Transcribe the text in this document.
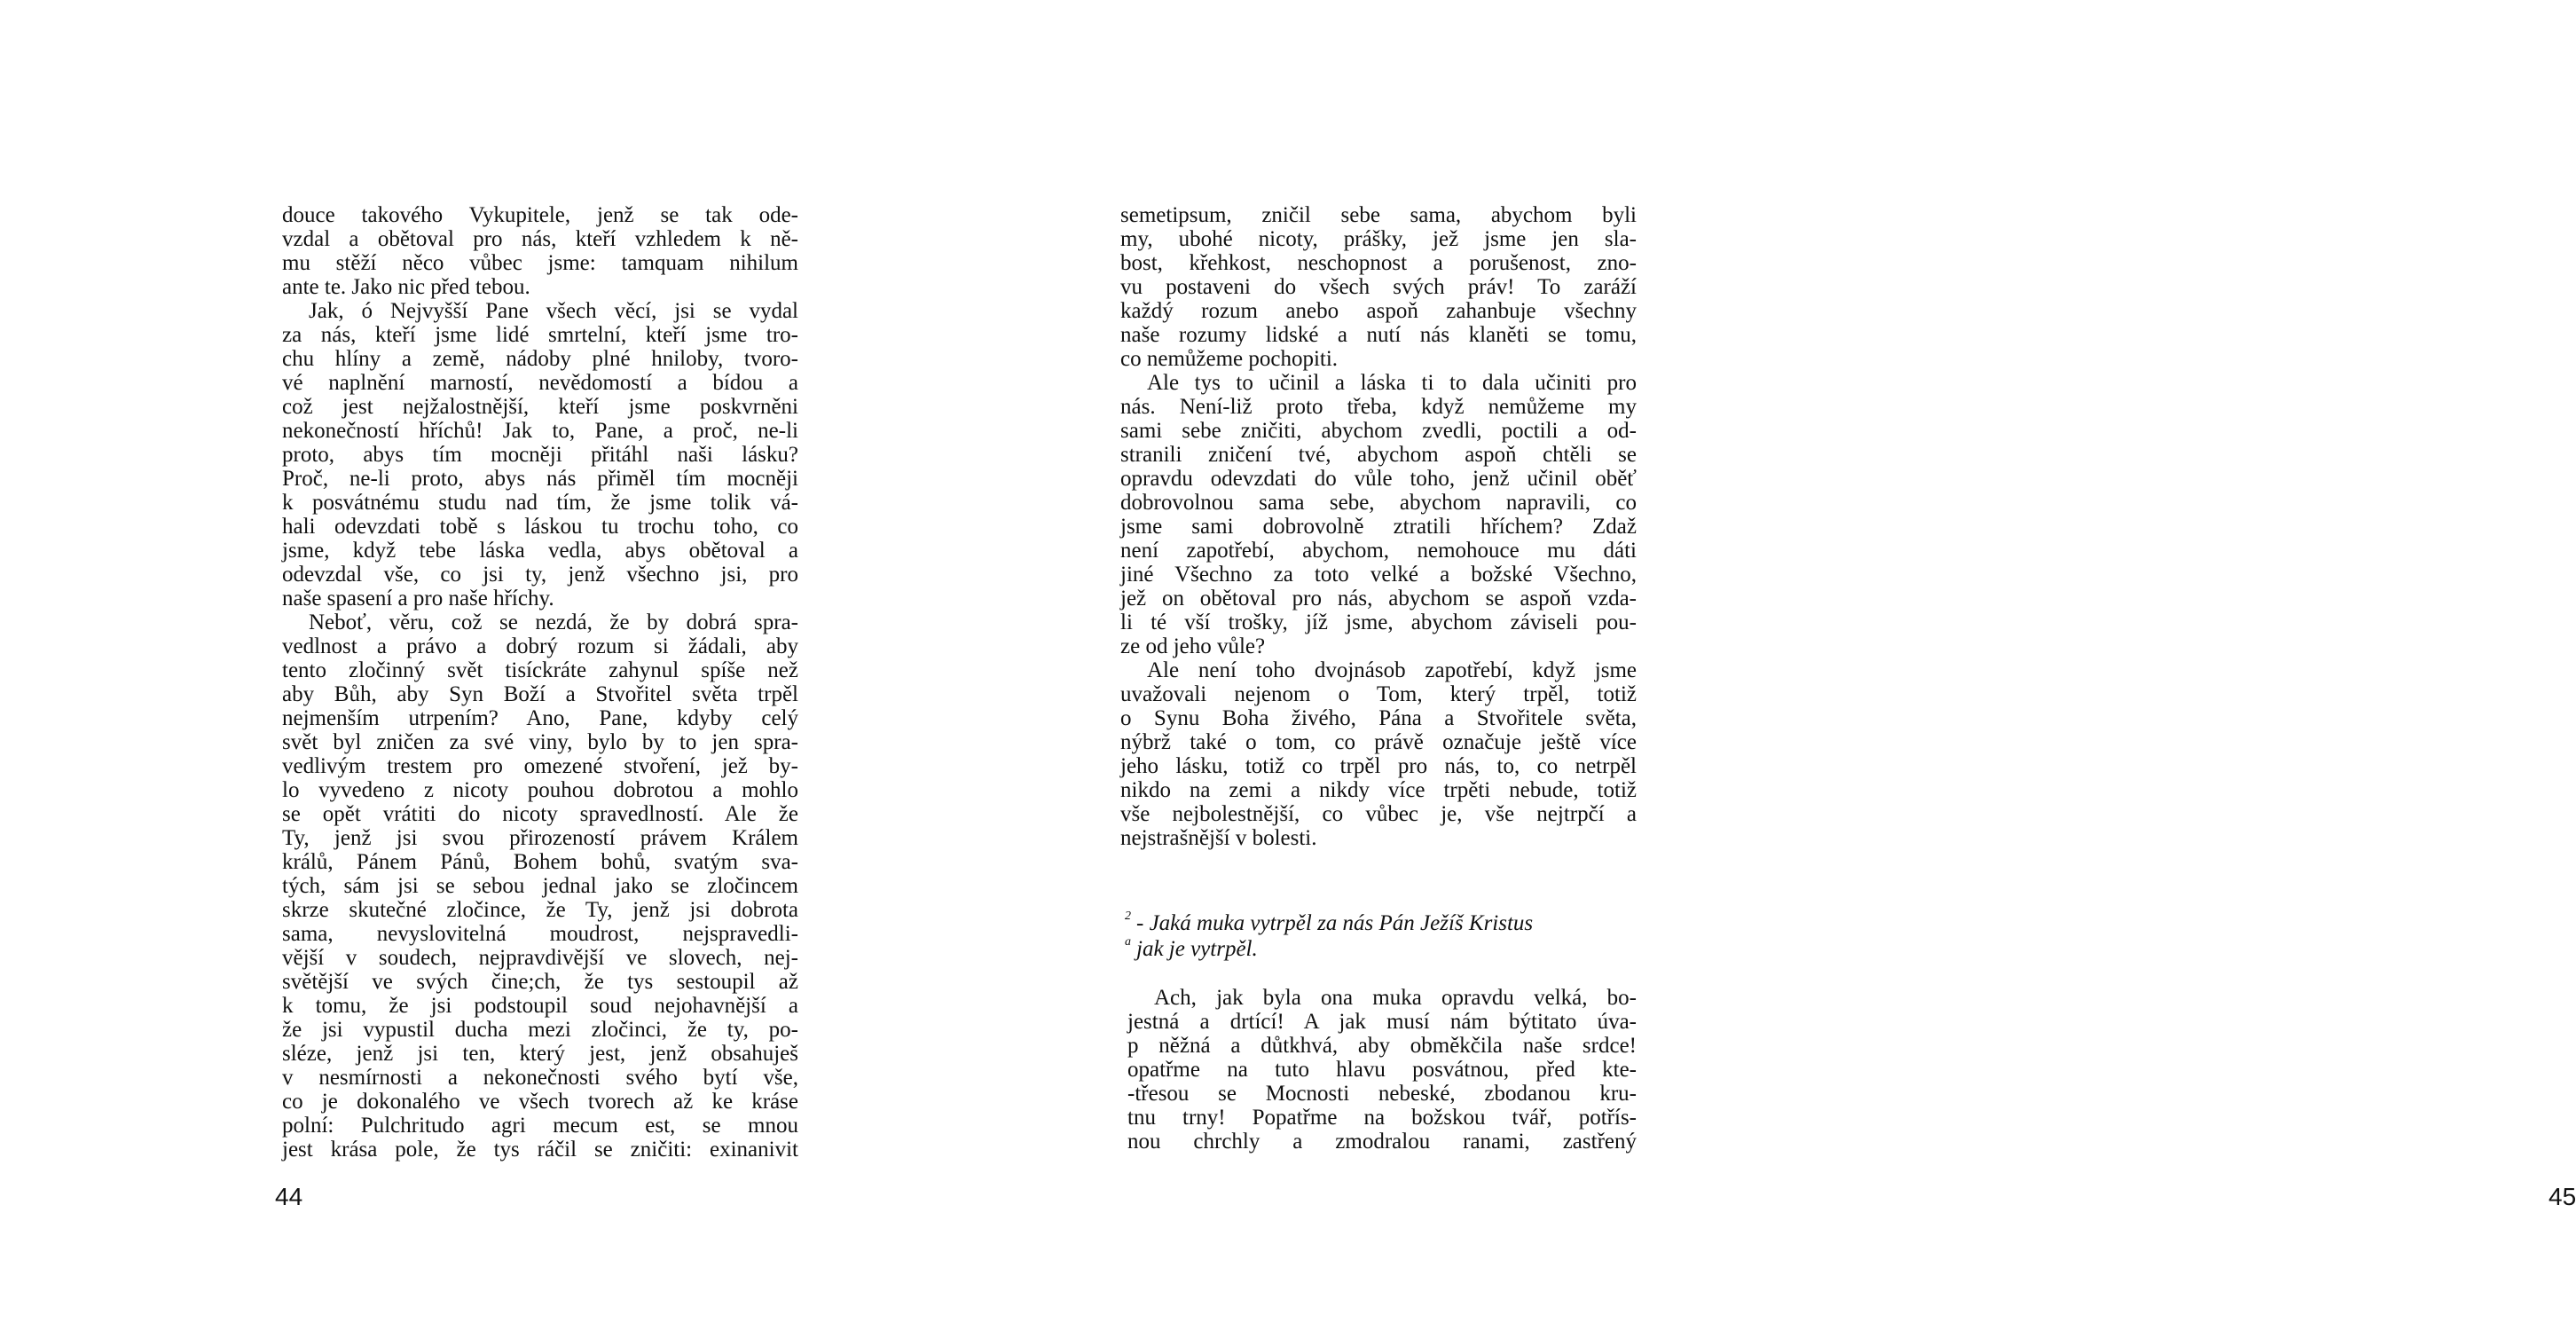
douce takového Vykupitele, jenž se tak ode-
vzdal a obětoval pro nás, kteří vzhledem k ně-
mu stěží něco vůbec jsme: tamquam nihilum
ante te. Jako nic před tebou.
Jak, ó Nejvyšší Pane všech věcí, jsi se vydal
za nás, kteří jsme lidé smrtelní, kteří jsme tro-
chu hlíny a země, nádoby plné hniloby, tvoro-
vé naplnění marností, nevědomostí a bídou a
což jest nejžalostnější, kteří jsme poskvrněni
nekonečností hříchů! Jak to, Pane, a proč, ne-li
proto, abys tím mocněji přitáhl naši lásku?
Proč, ne-li proto, abys nás přiměl tím mocněji
k posvátnému studu nad tím, že jsme tolik vá-
hali odevzdati tobě s láskou tu trochu toho, co
jsme, když tebe láska vedla, abys obětoval a
odevzdal vše, co jsi ty, jenž všechno jsi, pro
naše spasení a pro naše hříchy.
Neboť, věru, což se nezdá, že by dobrá spra-
vedlnost a právo a dobrý rozum si žádali, aby
tento zločinný svět tisíckráte zahynul spíše než
aby Bůh, aby Syn Boží a Stvořitel světa trpěl
nejmenším utrpením? Ano, Pane, kdyby celý
svět byl zničen za své viny, bylo by to jen spra-
vedlivým trestem pro omezené stvoření, jež by-
lo vyvedeno z nicoty pouhou dobrotou a mohlo
se opět vrátiti do nicoty spravedlností. Ale že
Ty, jenž jsi svou přirozeností právem Králem
králů, Pánem Pánů, Bohem bohů, svatým sva-
tých, sám jsi se sebou jednal jako se zločincem
skrze skutečné zločince, že Ty, jenž jsi dobrota
sama, nevyslovitelná moudrost, nejspravedli-
vější v soudech, nejpravdivější ve slovech, nej-
světější ve svých čine;ch, že tys sestoupil až
k tomu, že jsi podstoupil soud nejohavnější a
že jsi vypustil ducha mezi zločinci, že ty, po-
sléze, jenž jsi ten, který jest, jenž obsahuješ
v nesmírnosti a nekonečnosti svého bytí vše,
co je dokonalého ve všech tvorech až ke kráse
polní: Pulchritudo agri mecum est, se mnou
jest krása pole, že tys ráčil se zničiti: exinanivit
44
semetipsum, zničil sebe sama, abychom byli
my, ubohé nicoty, prášky, jež jsme jen sla-
bost, křehkost, neschopnost a porušenost, zno-
vu postaveni do všech svých práv! To zaráží
každý rozum anebo aspoň zahanbuje všechny
naše rozumy lidské a nutí nás klaněti se tomu,
co nemůžeme pochopiti.
Ale tys to učinil a láska ti to dala učiniti pro
nás. Není-liž proto třeba, když nemůžeme my
sami sebe zničiti, abychom zvedli, poctili a od-
stranili zničení tvé, abychom aspoň chtěli se
opravdu odevzdati do vůle toho, jenž učinil oběť
dobrovolnou sama sebe, abychom napravili, co
jsme sami dobrovolně ztratili hříchem? Zdaž
není zapotřebí, abychom, nemohouce mu dáti
jiné Všechno za toto velké a božské Všechno,
jež on obětoval pro nás, abychom se aspoň vzda-
li té vší trošky, jíž jsme, abychom záviseli pou-
ze od jeho vůle?
Ale není toho dvojnásob zapotřebí, když jsme
uvažovali nejenom o Tom, který trpěl, totiž
o Synu Boha živého, Pána a Stvořitele světa,
nýbrž také o tom, co právě označuje ještě více
jeho lásku, totiž co trpěl pro nás, to, co netrpěl
nikdo na zemi a nikdy více trpěti nebude, totiž
vše nejbolestnější, co vůbec je, vše nejtrpčí a
nejstrašnější v bolesti.
$^2$ - Jaká muka vytrpěl za nás Pán Ježíš Kristus
$^a$ jak je vytrpěl.
Ach, jak byla ona muka opravdu velká, bo-
jestná a drtící! A jak musí nám býtitato úva-
p něžná a důtkhvá, aby obměkčila naše srdce!
opatřme na tuto hlavu posvátnou, před kte-
-třesou se Mocnosti nebeské, zbodanou kru-
tnu trny! Popatřme na božskou tvář, potřís-
nou chrchly a zmodralou ranami, zastřený
45
